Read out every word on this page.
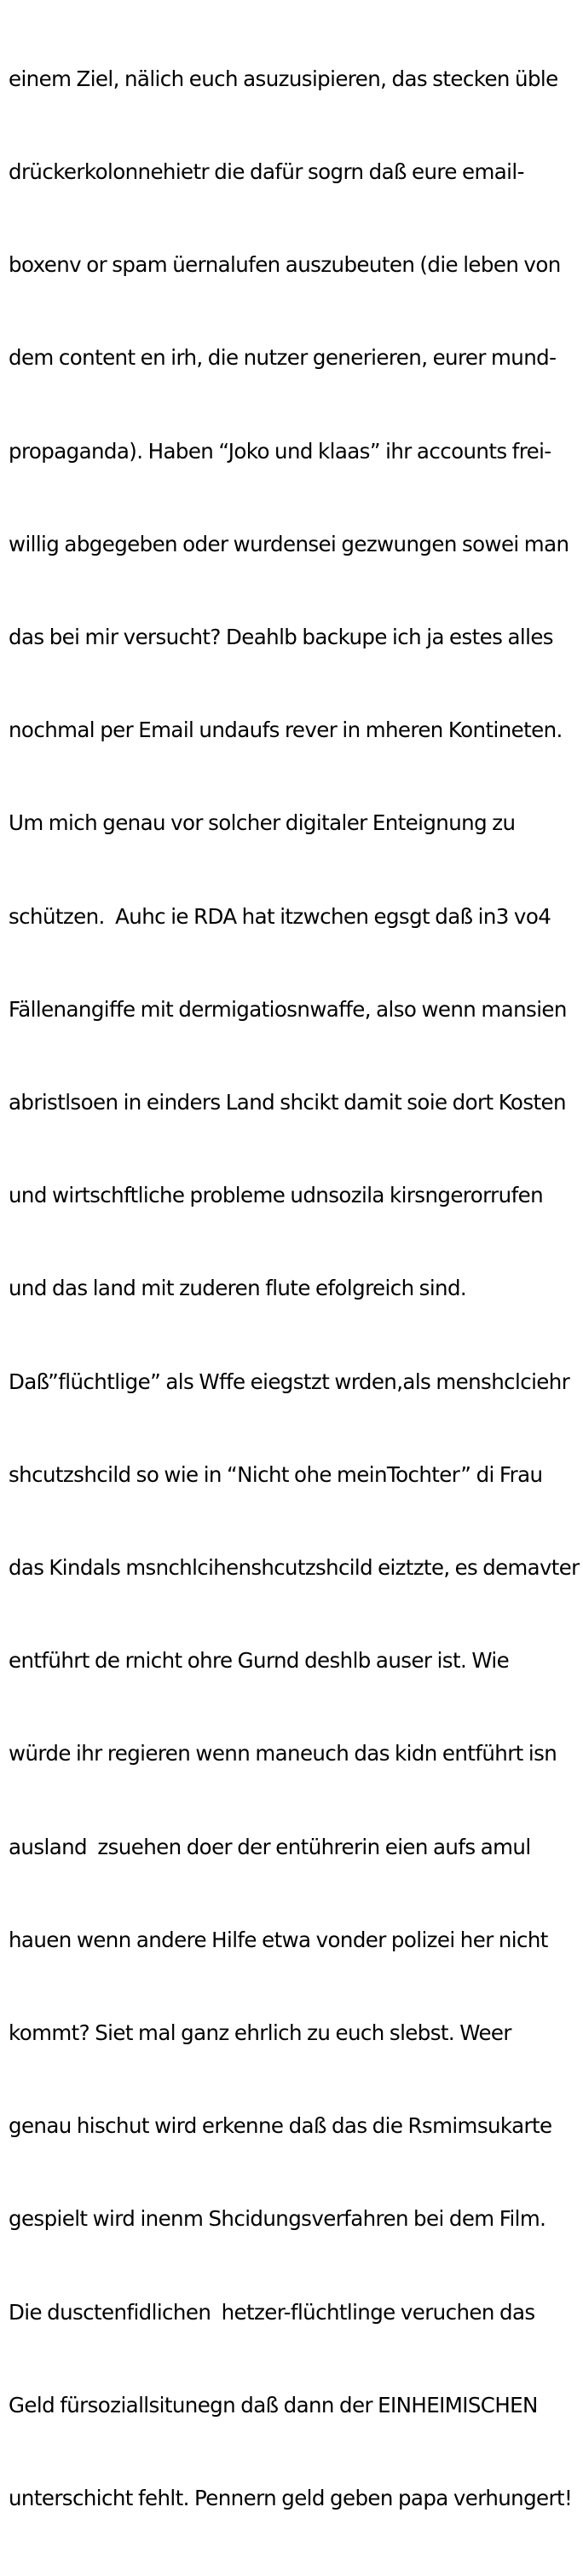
einem Ziel, nälich euch asuzusipieren, das stecken üble

drückerkolonnehietr die dafür sogrn daß eure email-

boxenv or spam üernalufen auszubeuten (die leben von

dem content en irh, die nutzer generieren, eurer mund-

propaganda). Haben “Joko und klaas” ihr accounts frei-

willig abgegeben oder wurdensei gezwungen sowei man

das bei mir versucht? Deahlb backupe ich ja estes alles

nochmal per Email undaufs rever in mheren Kontineten.

Um mich genau vor solcher digitaler Enteignung zu

schützen.  Auhc ie RDA hat itzwchen egsgt daß in3 vo4

Fällenangiffe mit dermigatiosnwaffe, also wenn mansien

abristlsoen in einders Land shcikt damit soie dort Kosten

und wirtschftliche probleme udnsozila kirsngerorrufen

und das land mit zuderen flute efolgreich sind.

Daß”flüchtlige” als Wffe eiegstzt wrden,als menshclciehr

shcutzshcild so wie in “Nicht ohe meinTochter” di Frau

das Kindals msnchlcihenshcutzshcild eiztzte, es demavter

entführt de rnicht ohre Gurnd deshlb auser ist. Wie

würde ihr regieren wenn maneuch das kidn entführt isn

ausland  zsuehen doer der entührerin eien aufs amul

hauen wenn andere Hilfe etwa vonder polizei her nicht

kommt? Siet mal ganz ehrlich zu euch slebst. Weer

genau hischut wird erkenne daß das die Rsmimsukarte

gespielt wird inenm Shcidungsverfahren bei dem Film.

Die dusctenfidlichen  hetzer-flüchtlinge veruchen das

Geld fürsoziallsitunegn daß dann der EINHEIMISCHEN

unterschicht fehlt. Pennern geld geben papa verhungert!
